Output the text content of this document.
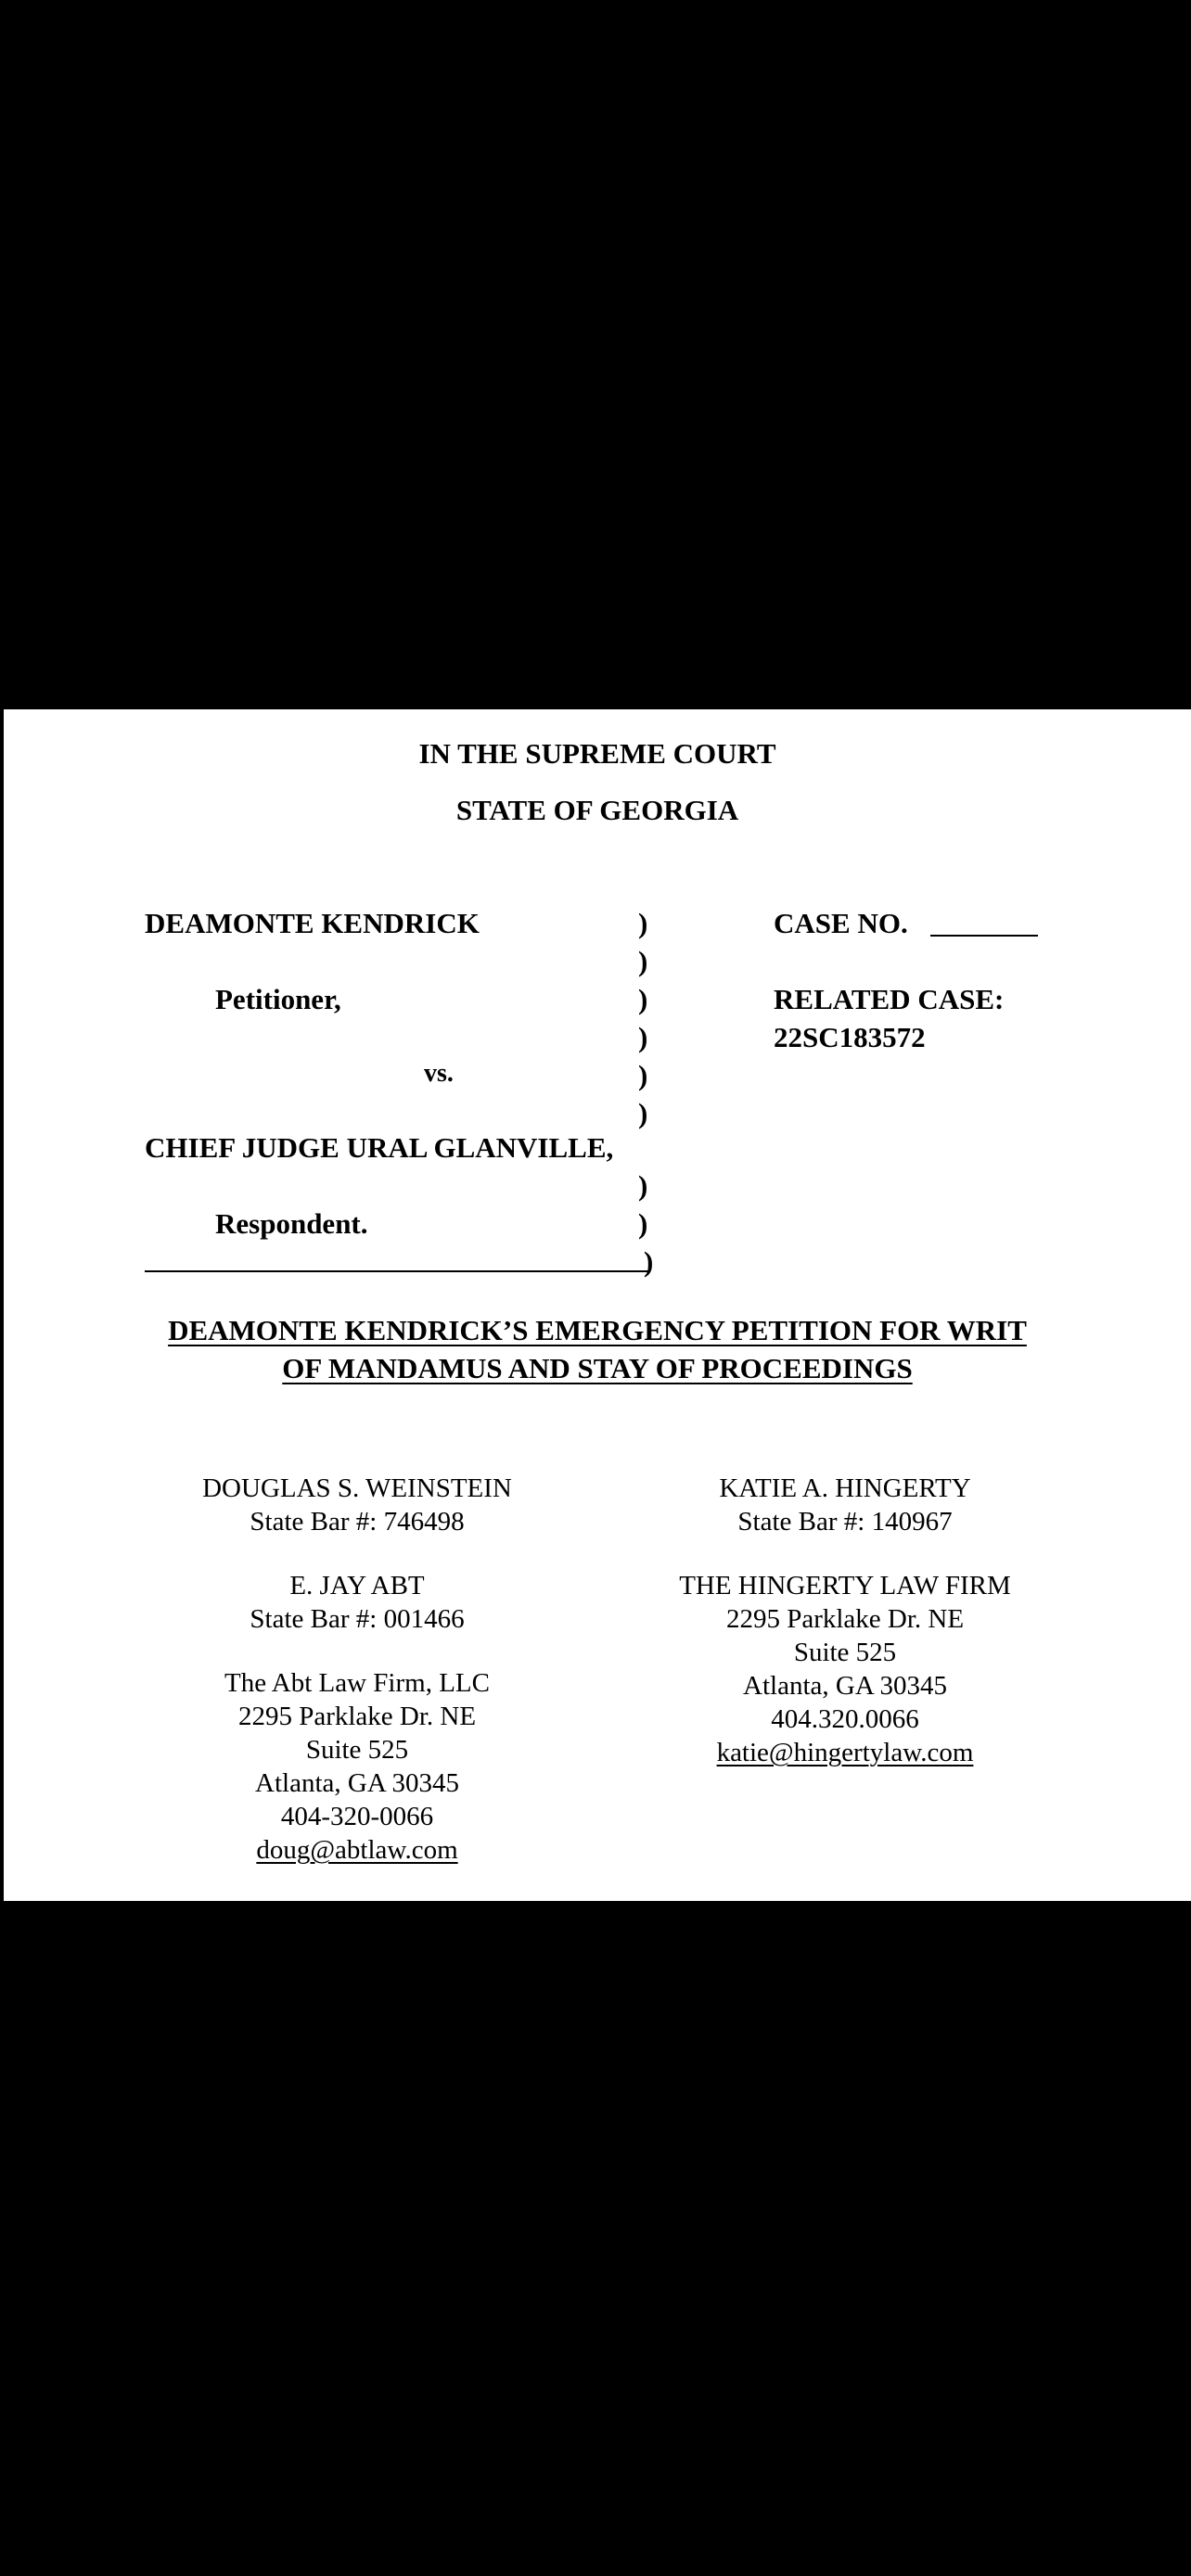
IN THE SUPREME COURT
STATE OF GEORGIA
DEAMONTE KENDRICK
Petitioner,
vs.
CHIEF JUDGE URAL GLANVILLE,
Respondent.
)
)
)
)
)
)
)
)
)
CASE NO.
RELATED CASE:
22SC183572
DEAMONTE KENDRICK’S EMERGENCY PETITION FOR WRIT
OF MANDAMUS AND STAY OF PROCEEDINGS
DOUGLAS S. WEINSTEIN
State Bar #: 746498
E. JAY ABT
State Bar #: 001466
The Abt Law Firm, LLC
2295 Parklake Dr. NE
Suite 525
Atlanta, GA 30345
404-320-0066
doug@abtlaw.com
KATIE A. HINGERTY
State Bar #: 140967
THE HINGERTY LAW FIRM
2295 Parklake Dr. NE
Suite 525
Atlanta, GA 30345
404.320.0066
katie@hingertylaw.com
